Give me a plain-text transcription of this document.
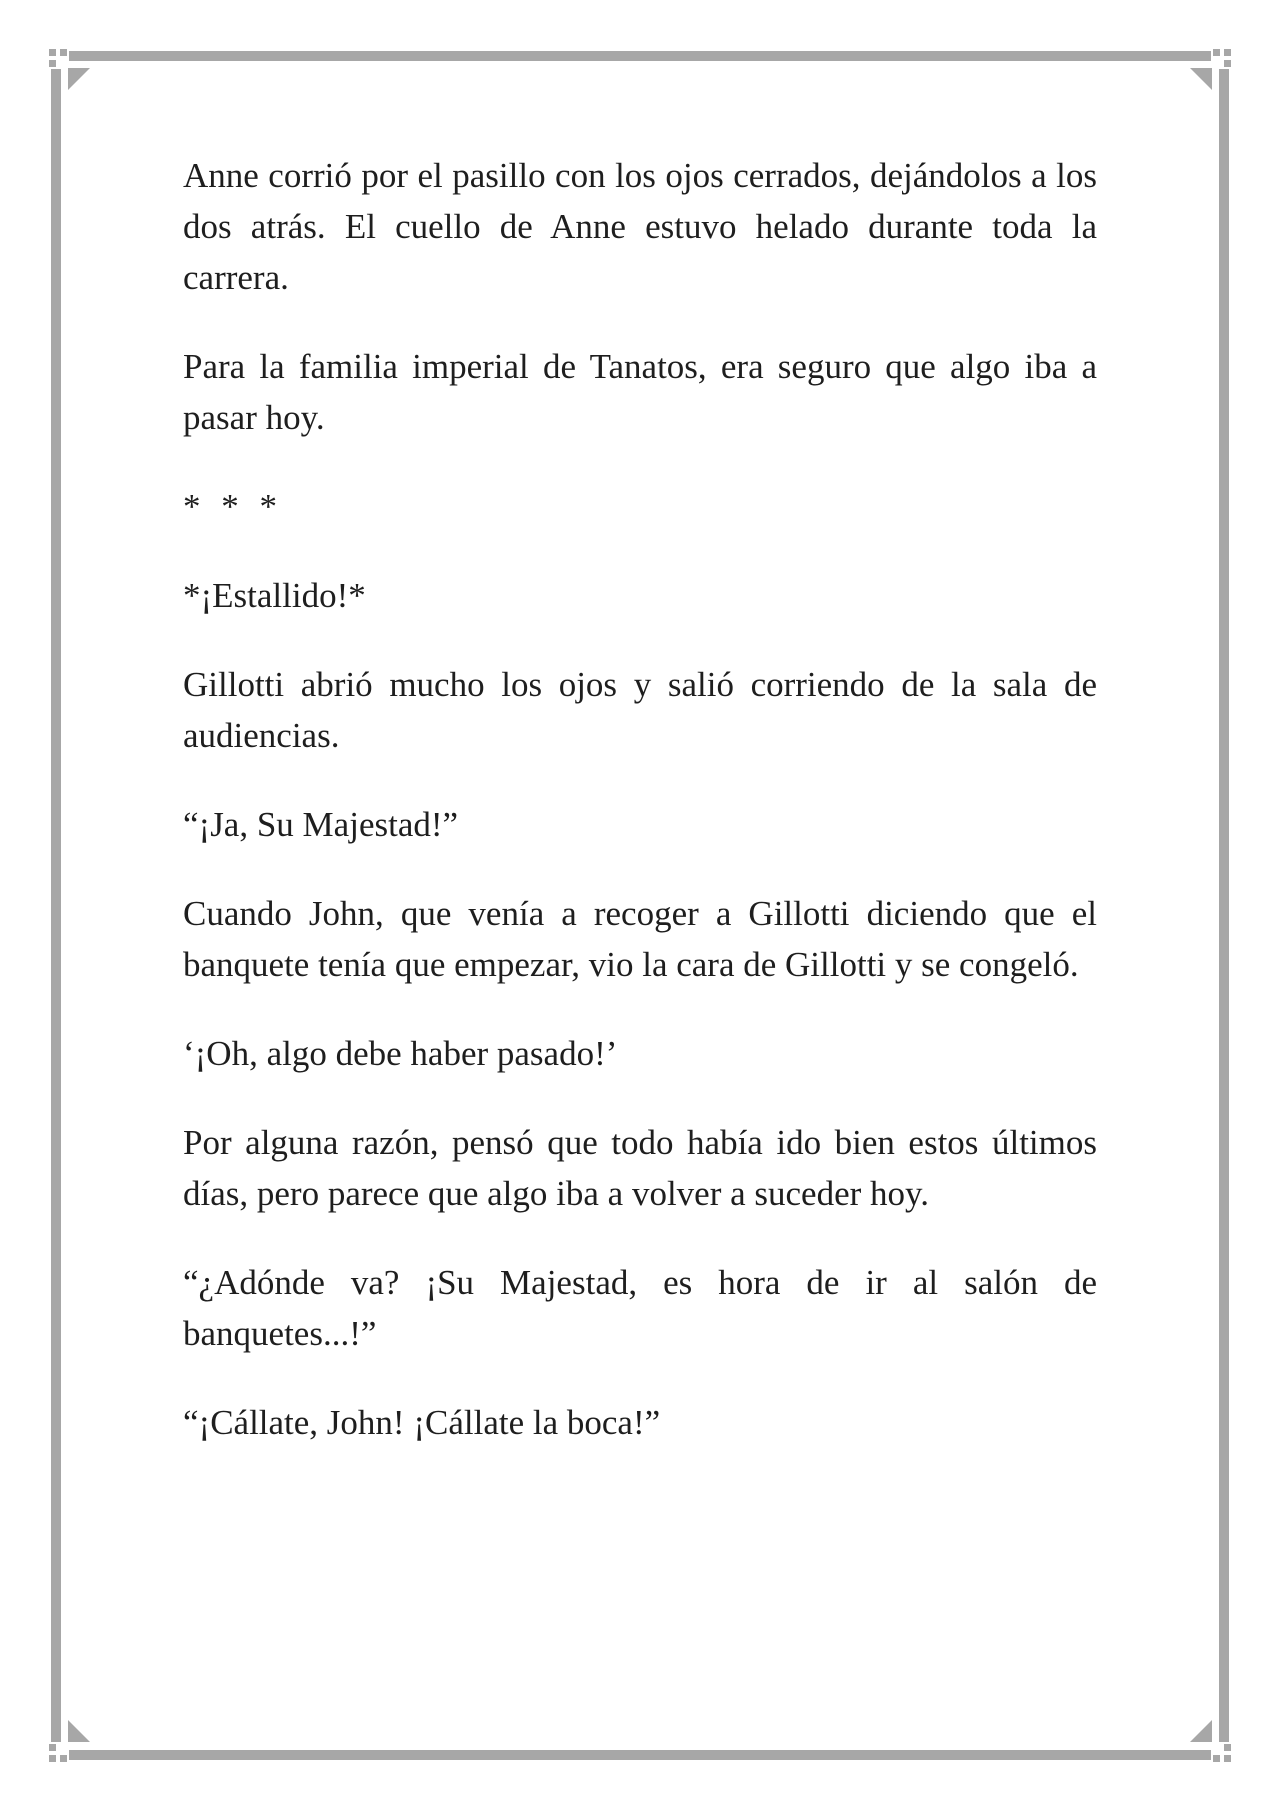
Anne corrió por el pasillo con los ojos cerrados, dejándolos a los dos atrás. El cuello de Anne estuvo helado durante toda la carrera.

Para la familia imperial de Tanatos, era seguro que algo iba a pasar hoy.

* * *

*¡Estallido!*

Gillotti abrió mucho los ojos y salió corriendo de la sala de audiencias.

“¡Ja, Su Majestad!”

Cuando John, que venía a recoger a Gillotti diciendo que el banquete tenía que empezar, vio la cara de Gillotti y se congeló.

‘¡Oh, algo debe haber pasado!’

Por alguna razón, pensó que todo había ido bien estos últimos días, pero parece que algo iba a volver a suceder hoy.

“¿Adónde va? ¡Su Majestad, es hora de ir al salón de banquetes...!”

“¡Cállate, John! ¡Cállate la boca!”
